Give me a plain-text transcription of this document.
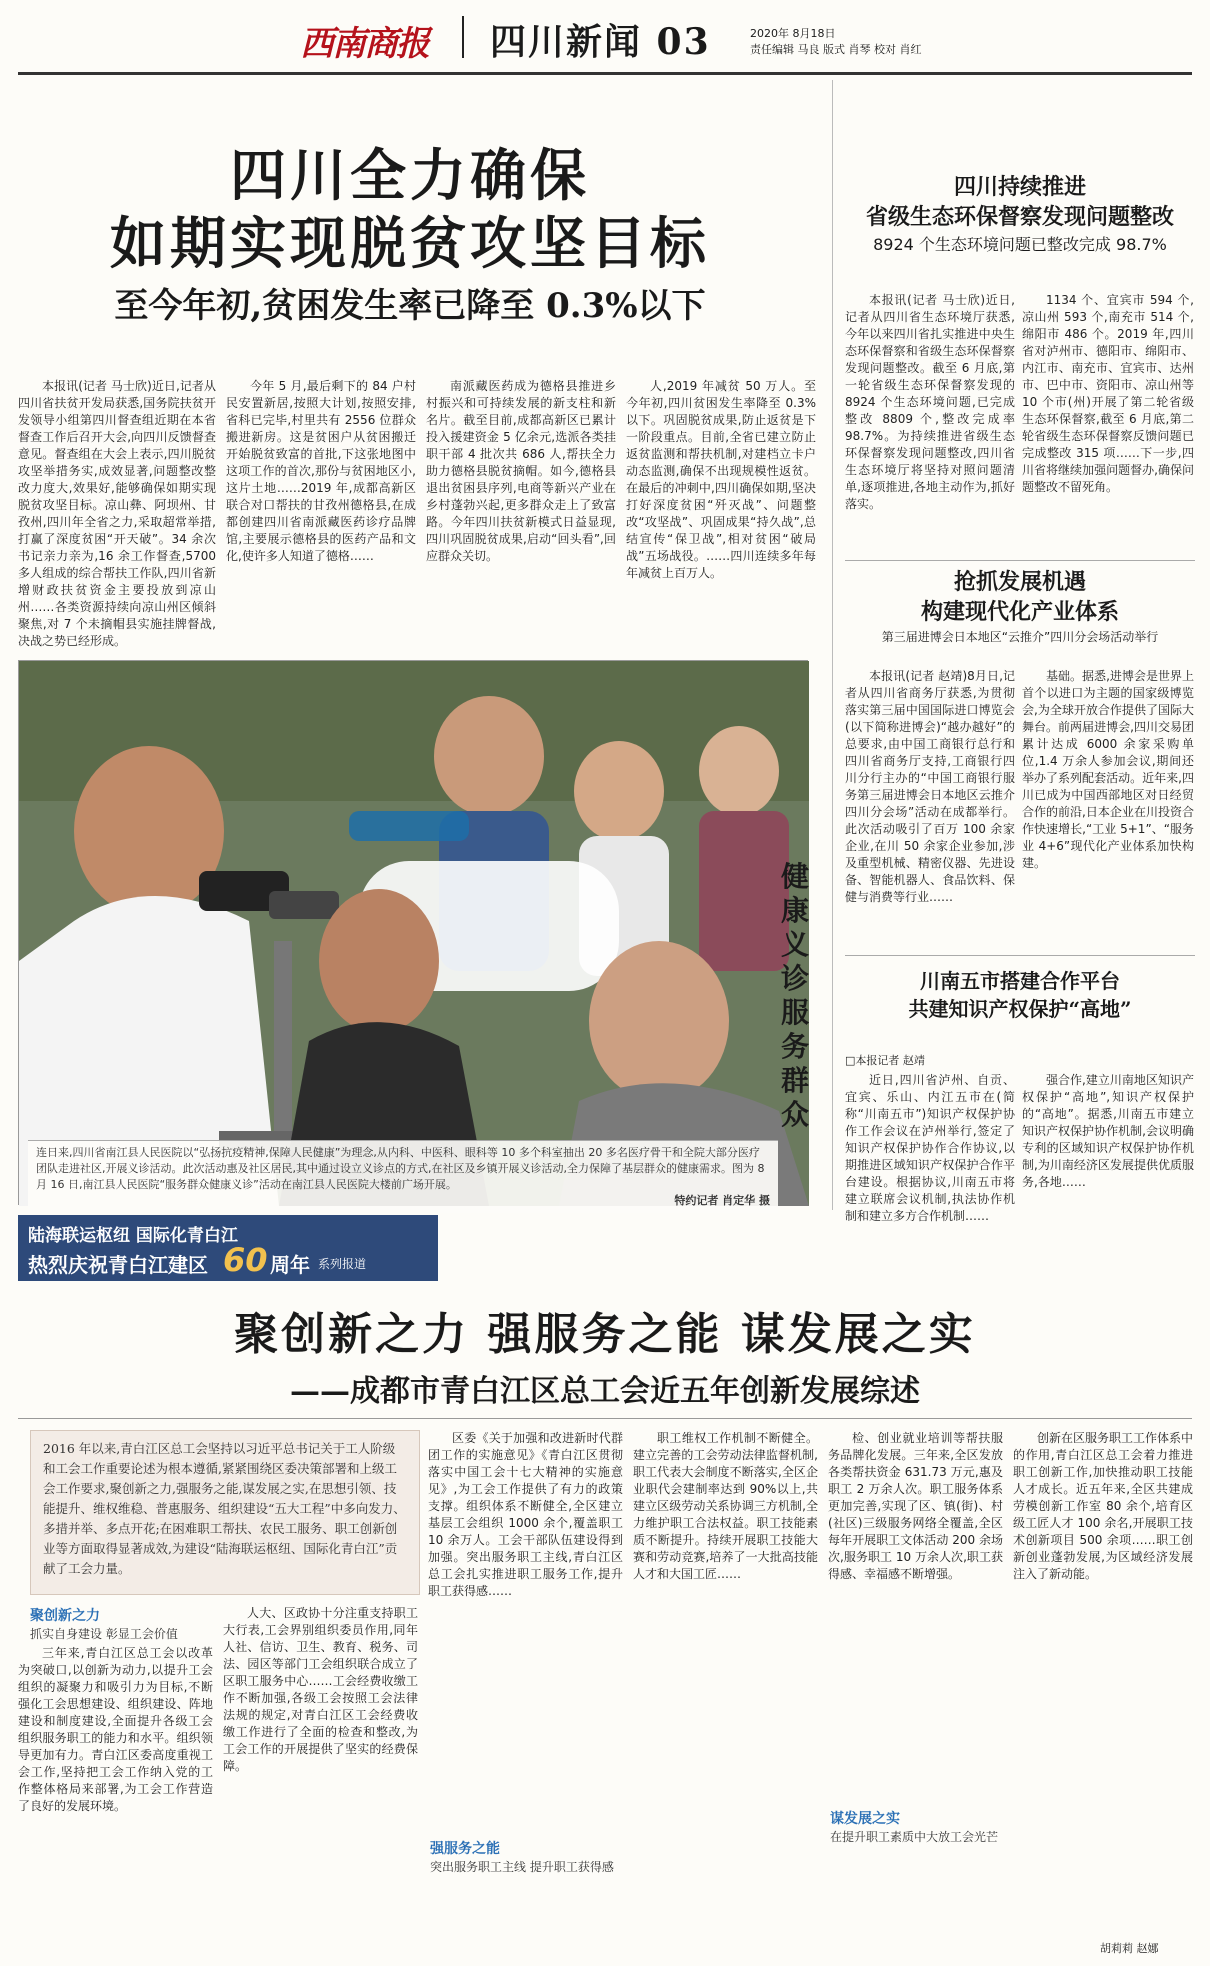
西南商报 四川新闻 03	2020年 8月18日
责任编辑 马良 版式 肖琴 校对 肖红
四川全力确保
如期实现脱贫攻坚目标
至今年初,贫困发生率已降至 0.3%以下

本报讯(记者 马士欣)近日,记者从四川省扶贫开发局获悉,国务院扶贫开发领导小组第四川督查组近期在本省督查工作后召开大会,向四川反馈督查意见。督查组在大会上表示,四川脱贫攻坚举措务实,成效显著,问题整改整改力度大,效果好,能够确保如期实现脱贫攻坚目标。凉山彝、阿坝州、甘孜州,四川年全省之力,采取超常举措,打赢了深度贫困“开天破”。34 余次书记亲力亲为,16 余工作督查,5700 多人组成的综合帮扶工作队,四川省新增财政扶贫资金主要投放到凉山州……各类资源持续向凉山州区倾斜聚焦,对 7 个未摘帽县实施挂牌督战,决战之势已经形成。

今年 5 月,最后剩下的 84 户村民安置新居,按照大计划,按照安排,省科已完毕,村里共有 2556 位群众搬进新房。这是贫困户从贫困搬迁开始脱贫致富的首批,下这张地图中这项工作的首次,那份与贫困地区小,这片土地……2019 年,成都高新区联合对口帮扶的甘孜州德格县,在成都创建四川省南派藏医药诊疗品牌馆,主要展示德格县的医药产品和文化,使许多人知道了德格……

南派藏医药成为德格县推进乡村振兴和可持续发展的新支柱和新名片。截至目前,成都高新区已累计投入援建资金 5 亿余元,选派各类挂职干部 4 批次共 686 人,帮扶全力助力德格县脱贫摘帽。如今,德格县退出贫困县序列,电商等新兴产业在乡村蓬勃兴起,更多群众走上了致富路。今年四川扶贫新模式日益显现,四川巩固脱贫成果,启动“回头看”,回应群众关切。

人,2019 年减贫 50 万人。至今年初,四川贫困发生率降至 0.3%以下。巩固脱贫成果,防止返贫是下一阶段重点。目前,全省已建立防止返贫监测和帮扶机制,对建档立卡户动态监测,确保不出现规模性返贫。在最后的冲刺中,四川确保如期,坚决打好深度贫困“歼灭战”、问题整改“攻坚战”、巩固成果“持久战”,总结宣传“保卫战”,相对贫困“破局战”五场战役。……四川连续多年每年减贫上百万人。

四川持续推进
省级生态环保督察发现问题整改
8924 个生态环境问题已整改完成 98.7%

本报讯(记者 马士欣)近日,记者从四川省生态环境厅获悉,今年以来四川省扎实推进中央生态环保督察和省级生态环保督察发现问题整改。截至 6 月底,第一轮省级生态环保督察发现的 8924 个生态环境问题,已完成整改 8809 个,整改完成率 98.7%。为持续推进省级生态环保督察发现问题整改,四川省生态环境厅将坚持对照问题清单,逐项推进,各地主动作为,抓好落实。

1134 个、宜宾市 594 个,凉山州 593 个,南充市 514 个,绵阳市 486 个。2019 年,四川省对泸州市、德阳市、绵阳市、内江市、南充市、宜宾市、达州市、巴中市、资阳市、凉山州等 10 个市(州)开展了第二轮省级生态环保督察,截至 6 月底,第二轮省级生态环保督察反馈问题已完成整改 315 项……下一步,四川省将继续加强问题督办,确保问题整改不留死角。

抢抓发展机遇
构建现代化产业体系
第三届进博会日本地区“云推介”四川分会场活动举行

本报讯(记者 赵靖)8月日,记者从四川省商务厅获悉,为贯彻落实第三届中国国际进口博览会(以下简称进博会)“越办越好”的总要求,由中国工商银行总行和四川省商务厅支持,工商银行四川分行主办的“中国工商银行服务第三届进博会日本地区云推介四川分会场”活动在成都举行。此次活动吸引了百万 100 余家企业,在川 50 余家企业参加,涉及重型机械、精密仪器、先进设备、智能机器人、食品饮料、保健与消费等行业……

基础。据悉,进博会是世界上首个以进口为主题的国家级博览会,为全球开放合作提供了国际大舞台。前两届进博会,四川交易团累计达成 6000 余家采购单位,1.4 万余人参加会议,期间还举办了系列配套活动。近年来,四川已成为中国西部地区对日经贸合作的前沿,日本企业在川投资合作快速增长,“工业 5+1”、“服务业 4+6”现代化产业体系加快构建。

川南五市搭建合作平台
共建知识产权保护“高地”
□本报记者 赵靖

近日,四川省泸州、自贡、宜宾、乐山、内江五市在(简称“川南五市”)知识产权保护协作工作会议在泸州举行,签定了知识产权保护协作合作协议,以期推进区域知识产权保护合作平台建设。根据协议,川南五市将建立联席会议机制,执法协作机制和建立多方合作机制……

强合作,建立川南地区知识产权保护“高地”,知识产权保护的“高地”。据悉,川南五市建立知识产权保护协作机制,会议明确专利的区域知识产权保护协作机制,为川南经济区发展提供优质服务,各地……

健康义诊服务群众
连日来,四川省南江县人民医院以“弘扬抗疫精神,保障人民健康”为理念,从内科、中医科、眼科等 10 多个科室抽出 20 多名医疗骨干和全院大部分医疗团队走进社区,开展义诊活动。此次活动惠及社区居民,其中通过设立义诊点的方式,在社区及乡镇开展义诊活动,全力保障了基层群众的健康需求。图为 8 月 16 日,南江县人民医院“服务群众健康义诊”活动在南江县人民医院大楼前广场开展。
特约记者 肖定华 摄
陆海联运枢纽 国际化青白江
热烈庆祝青白江建区 60 周年 系列报道
聚创新之力 强服务之能 谋发展之实
——成都市青白江区总工会近五年创新发展综述
2016 年以来,青白江区总工会坚持以习近平总书记关于工人阶级和工会工作重要论述为根本遵循,紧紧围绕区委决策部署和上级工会工作要求,聚创新之力,强服务之能,谋发展之实,在思想引领、技能提升、维权维稳、普惠服务、组织建设“五大工程”中多向发力、多措并举、多点开花;在困难职工帮扶、农民工服务、职工创新创业等方面取得显著成效,为建设“陆海联运枢纽、国际化青白江”贡献了工会力量。
聚创新之力
抓实自身建设 彰显工会价值

三年来,青白江区总工会以改革为突破口,以创新为动力,以提升工会组织的凝聚力和吸引力为目标,不断强化工会思想建设、组织建设、阵地建设和制度建设,全面提升各级工会组织服务职工的能力和水平。组织领导更加有力。青白江区委高度重视工会工作,坚持把工会工作纳入党的工作整体格局来部署,为工会工作营造了良好的发展环境。

人大、区政协十分注重支持职工大行表,工会界别组织委员作用,同年人社、信访、卫生、教育、税务、司法、园区等部门工会组织联合成立了区职工服务中心……工会经费收缴工作不断加强,各级工会按照工会法律法规的规定,对青白江区工会经费收缴工作进行了全面的检查和整改,为工会工作的开展提供了坚实的经费保障。

区委《关于加强和改进新时代群团工作的实施意见》《青白江区贯彻落实中国工会十七大精神的实施意见》,为工会工作提供了有力的政策支撑。组织体系不断健全,全区建立基层工会组织 1000 余个,覆盖职工 10 余万人。工会干部队伍建设得到加强。突出服务职工主线,青白江区总工会扎实推进职工服务工作,提升职工获得感……

强服务之能
突出服务职工主线 提升职工获得感

职工维权工作机制不断健全。建立完善的工会劳动法律监督机制,职工代表大会制度不断落实,全区企业职代会建制率达到 90%以上,共建立区级劳动关系协调三方机制,全力维护职工合法权益。职工技能素质不断提升。持续开展职工技能大赛和劳动竞赛,培养了一大批高技能人才和大国工匠……

检、创业就业培训等帮扶服务品牌化发展。三年来,全区发放各类帮扶资金 631.73 万元,惠及职工 2 万余人次。职工服务体系更加完善,实现了区、镇(街)、村(社区)三级服务网络全覆盖,全区每年开展职工文体活动 200 余场次,服务职工 10 万余人次,职工获得感、幸福感不断增强。

谋发展之实
在提升职工素质中大放工会光芒

创新在区服务职工工作体系中的作用,青白江区总工会着力推进职工创新工作,加快推动职工技能人才成长。近五年来,全区共建成劳模创新工作室 80 余个,培育区级工匠人才 100 余名,开展职工技术创新项目 500 余项……职工创新创业蓬勃发展,为区域经济发展注入了新动能。

胡莉莉 赵娜
